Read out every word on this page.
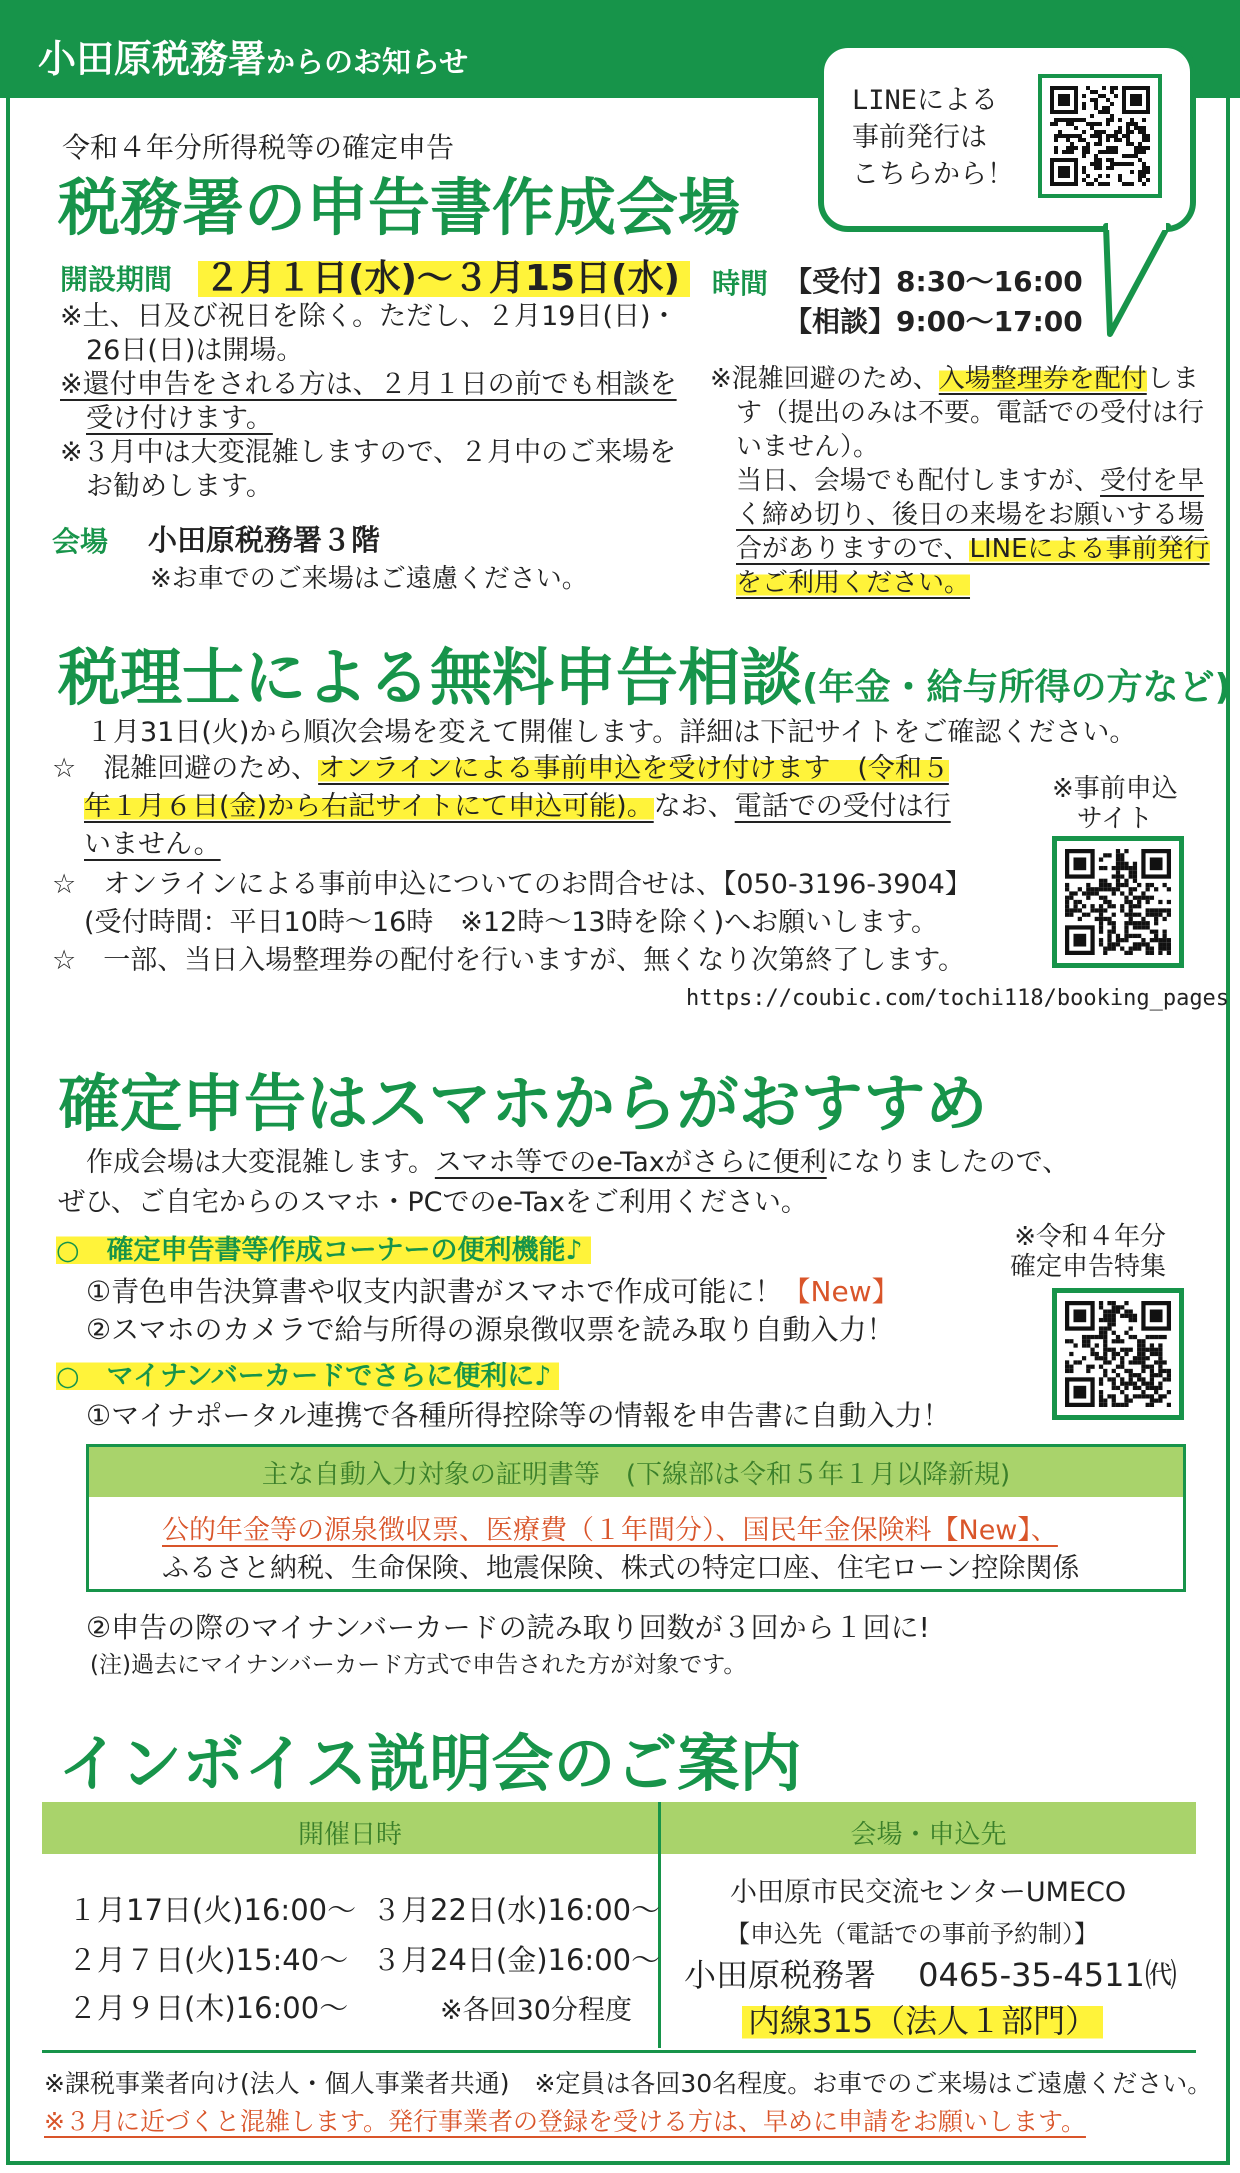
小田原税務署からのお知らせ
LINEによる
事前発行は
こちらから！
令和４年分所得税等の確定申告
税務署の申告書作成会場
開設期間 ２月１日(水)～３月15日(水)
※土、日及び祝日を除く。ただし、２月19日(日)・
26日(日)は開場。
※還付申告をされる方は、２月１日の前でも相談を
受け付けます。
※３月中は大変混雑しますので、２月中のご来場を
お勧めします。
会場 小田原税務署３階
※お車でのご来場はご遠慮ください。
時間 【受付】8:30～16:00
【相談】9:00～17:00
※混雑回避のため、入場整理券を配付しま
す（提出のみは不要。電話での受付は行
いません）。
当日、会場でも配付しますが、受付を早
く締め切り、後日の来場をお願いする場
合がありますので、LINEによる事前発行
をご利用ください。
税理士による無料申告相談(年金・給与所得の方など)
１月31日(火)から順次会場を変えて開催します。詳細は下記サイトをご確認ください。
☆　混雑回避のため、オンラインによる事前申込を受け付けます　(令和５
年１月６日(金)から右記サイトにて申込可能)。なお、電話での受付は行
いません。
☆　オンラインによる事前申込についてのお問合せは、【050-3196-3904】
(受付時間：平日10時～16時　※12時～13時を除く)へお願いします。
☆　一部、当日入場整理券の配付を行いますが、無くなり次第終了します。
※事前申込
サイト
https://coubic.com/tochi118/booking_pages
確定申告はスマホからがおすすめ
作成会場は大変混雑します。スマホ等でのe-Taxがさらに便利になりましたので、
ぜひ、ご自宅からのスマホ・PCでのe-Taxをご利用ください。
○　確定申告書等作成コーナーの便利機能♪
①青色申告決算書や収支内訳書がスマホで作成可能に！【New】
②スマホのカメラで給与所得の源泉徴収票を読み取り自動入力！
○　マイナンバーカードでさらに便利に♪
①マイナポータル連携で各種所得控除等の情報を申告書に自動入力！
※令和４年分
確定申告特集
主な自動入力対象の証明書等　(下線部は令和５年１月以降新規)
公的年金等の源泉徴収票、医療費（１年間分）、国民年金保険料【New】、
ふるさと納税、生命保険、地震保険、株式の特定口座、住宅ローン控除関係
②申告の際のマイナンバーカードの読み取り回数が３回から１回に!
(注)過去にマイナンバーカード方式で申告された方が対象です。
インボイス説明会のご案内
開催日時	会場・申込先
１月17日(火)16:00～ ３月22日(水)16:00～
２月７日(火)15:40～ ３月24日(金)16:00～
２月９日(木)16:00～	※各回30分程度
小田原市民交流センターUMECO
【申込先（電話での事前予約制）】
小田原税務署　 0465-35-4511㈹
内線315（法人１部門）
※課税事業者向け(法人・個人事業者共通)　※定員は各回30名程度。お車でのご来場はご遠慮ください。
※３月に近づくと混雑します。発行事業者の登録を受ける方は、早めに申請をお願いします。
